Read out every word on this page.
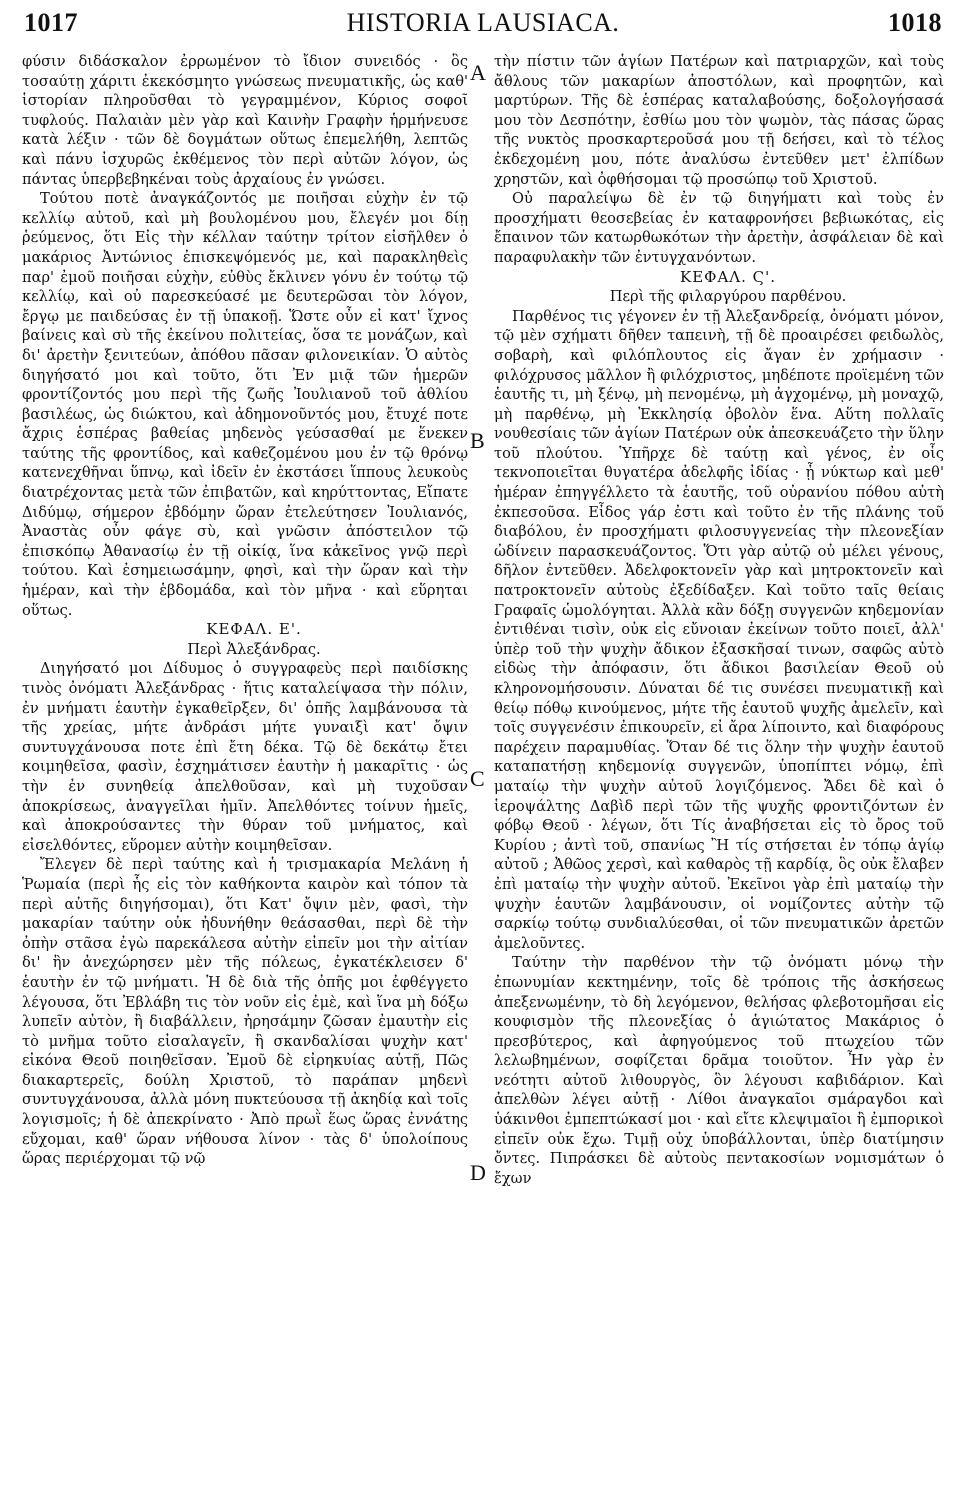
1017	HISTORIA LAUSIACA.	1018
A
B
C
D

φύσιν διδάσκαλον ἐρρωμένον τὸ ἴδιον συνειδός · ὃς τοσαύτῃ χάριτι ἐκεκόσμητο γνώσεως πνευματικῆς, ὡς καθ' ἱστορίαν πληροῦσθαι τὸ γεγραμμένον, Κύριος σοφοῖ τυφλούς. Παλαιὰν μὲν γὰρ καὶ Καινὴν Γραφὴν ἡρμήνευσε κατὰ λέξιν · τῶν δὲ δογμάτων οὕτως ἐπεμελήθη, λεπτῶς καὶ πάνυ ἰσχυρῶς ἐκθέμενος τὸν περὶ αὐτῶν λόγον, ὡς πάντας ὑπερβεβηκέναι τοὺς ἀρχαίους ἐν γνώσει.

Τούτου ποτὲ ἀναγκάζοντός με ποιῆσαι εὐχὴν ἐν τῷ κελλίῳ αὐτοῦ, καὶ μὴ βουλομένου μου, ἔλεγέν μοι δίῃ ῥεύμενος, ὅτι Εἰς τὴν κέλλαν ταύτην τρίτον εἰσῆλθεν ὁ μακάριος Ἀντώνιος ἐπισκεψόμενός με, καὶ παρακληθεὶς παρ' ἐμοῦ ποιῆσαι εὐχὴν, εὐθὺς ἔκλινεν γόνυ ἐν τούτῳ τῷ κελλίῳ, καὶ οὐ παρεσκεύασέ με δευτερῶσαι τὸν λόγον, ἔργῳ με παιδεύσας ἐν τῇ ὑπακοῇ. Ὥστε οὖν εἰ κατ' ἴχνος βαίνεις καὶ σὺ τῆς ἐκείνου πολιτείας, ὅσα τε μονάζων, καὶ δι' ἀρετὴν ξενιτεύων, ἀπόθου πᾶσαν φιλονεικίαν. Ὁ αὐτὸς διηγήσατό μοι καὶ τοῦτο, ὅτι Ἐν μιᾷ τῶν ἡμερῶν φροντίζοντός μου περὶ τῆς ζωῆς Ἰουλιανοῦ τοῦ ἀθλίου βασιλέως, ὡς διώκτου, καὶ ἀδημονοῦντός μου, ἔτυχέ ποτε ἄχρις ἑσπέρας βαθείας μηδενὸς γεύσασθαί με ἕνεκεν ταύτης τῆς φροντίδος, καὶ καθεζομένου μου ἐν τῷ θρόνῳ κατενεχθῆναι ὕπνῳ, καὶ ἰδεῖν ἐν ἐκστάσει ἵππους λευκοὺς διατρέχοντας μετὰ τῶν ἐπιβατῶν, καὶ κηρύττοντας, Εἴπατε Διδύμῳ, σήμερον ἑβδόμην ὥραν ἐτελεύτησεν Ἰουλιανός, Ἀναστὰς οὖν φάγε σὺ, καὶ γνῶσιν ἀπόστειλον τῷ ἐπισκόπῳ Ἀθανασίῳ ἐν τῇ οἰκίᾳ, ἵνα κἀκεῖνος γνῷ περὶ τούτου. Καὶ ἐσημειωσάμην, φησὶ, καὶ τὴν ὥραν καὶ τὴν ἡμέραν, καὶ τὴν ἑβδομάδα, καὶ τὸν μῆνα · καὶ εὕρηται οὕτως.

ΚΕΦΑΛ. Ε'.

Περὶ Ἀλεξάνδρας.

Διηγήσατό μοι Δίδυμος ὁ συγγραφεὺς περὶ παιδίσκης τινὸς ὀνόματι Ἀλεξάνδρας · ἥτις καταλείψασα τὴν πόλιν, ἐν μνήματι ἑαυτὴν ἐγκαθεῖρξεν, δι' ὀπῆς λαμβάνουσα τὰ τῆς χρείας, μήτε ἀνδράσι μήτε γυναιξὶ κατ' ὄψιν συντυγχάνουσα ποτε ἐπὶ ἔτη δέκα. Τῷ δὲ δεκάτῳ ἔτει κοιμηθεῖσα, φασὶν, ἐσχημάτισεν ἑαυτὴν ἡ μακαρῖτις · ὡς τὴν ἐν συνηθείᾳ ἀπελθοῦσαν, καὶ μὴ τυχοῦσαν ἀποκρίσεως, ἀναγγεῖλαι ἡμῖν. Ἀπελθόντες τοίνυν ἡμεῖς, καὶ ἀποκρούσαντες τὴν θύραν τοῦ μνήματος, καὶ εἰσελθόντες, εὕρομεν αὐτὴν κοιμηθεῖσαν.

Ἔλεγεν δὲ περὶ ταύτης καὶ ἡ τρισμακαρία Μελάνη ἡ Ῥωμαία (περὶ ἧς εἰς τὸν καθήκοντα καιρὸν καὶ τόπον τὰ περὶ αὐτῆς διηγήσομαι), ὅτι Κατ' ὄψιν μὲν, φασὶ, τὴν μακαρίαν ταύτην οὐκ ἠδυνήθην θεάσασθαι, περὶ δὲ τὴν ὀπὴν στᾶσα ἐγὼ παρεκάλεσα αὐτὴν εἰπεῖν μοι τὴν αἰτίαν δι' ἣν ἀνεχώρησεν μὲν τῆς πόλεως, ἐγκατέκλεισεν δ' ἑαυτὴν ἐν τῷ μνήματι. Ἡ δὲ διὰ τῆς ὀπῆς μοι ἐφθέγγετο λέγουσα, ὅτι Ἐβλάβη τις τὸν νοῦν εἰς ἐμὲ, καὶ ἵνα μὴ δόξω λυπεῖν αὐτὸν, ἢ διαβάλλειν, ἠρησάμην ζῶσαν ἐμαυτὴν εἰς τὸ μνῆμα τοῦτο εἰσαλαγεῖν, ἢ σκανδαλίσαι ψυχὴν κατ' εἰκόνα Θεοῦ ποιηθεῖσαν. Ἐμοῦ δὲ εἰρηκυίας αὐτῇ, Πῶς διακαρτερεῖς, δούλη Χριστοῦ, τὸ παράπαν μηδενὶ συντυγχάνουσα, ἀλλὰ μόνη πυκτεύουσα τῇ ἀκηδίᾳ καὶ τοῖς λογισμοῖς; ἡ δὲ ἀπεκρίνατο · Ἀπὸ πρωῒ ἕως ὥρας ἐννάτης εὔχομαι, καθ' ὥραν νήθουσα λίνον · τὰς δ' ὑπολοίπους ὥρας περιέρχομαι τῷ νῷ

τὴν πίστιν τῶν ἁγίων Πατέρων καὶ πατριαρχῶν, καὶ τοὺς ἄθλους τῶν μακαρίων ἀποστόλων, καὶ προφητῶν, καὶ μαρτύρων. Τῆς δὲ ἑσπέρας καταλαβούσης, δοξολογήσασά μου τὸν Δεσπότην, ἐσθίω μου τὸν ψωμὸν, τὰς πάσας ὥρας τῆς νυκτὸς προσκαρτεροῦσά μου τῇ δεήσει, καὶ τὸ τέλος ἐκδεχομένη μου, πότε ἀναλύσω ἐντεῦθεν μετ' ἐλπίδων χρηστῶν, καὶ ὀφθήσομαι τῷ προσώπῳ τοῦ Χριστοῦ.

Οὐ παραλείψω δὲ ἐν τῷ διηγήματι καὶ τοὺς ἐν προσχήματι θεοσεβείας ἐν καταφρονήσει βεβιωκότας, εἰς ἔπαινον τῶν κατωρθωκότων τὴν ἀρετὴν, ἀσφάλειαν δὲ καὶ παραφυλακὴν τῶν ἐντυγχανόντων.

ΚΕΦΑΛ. Ϛ'.

Περὶ τῆς φιλαργύρου παρθένου.

Παρθένος τις γέγονεν ἐν τῇ Ἀλεξανδρείᾳ, ὀνόματι μόνον, τῷ μὲν σχήματι δῆθεν ταπεινὴ, τῇ δὲ προαιρέσει φειδωλὸς, σοβαρὴ, καὶ φιλόπλουτος εἰς ἄγαν ἐν χρήμασιν · φιλόχρυσος μᾶλλον ἢ φιλόχριστος, μηδέποτε προϊεμένη τῶν ἑαυτῆς τι, μὴ ξένῳ, μὴ πενομένῳ, μὴ ἀγχομένῳ, μὴ μοναχῷ, μὴ παρθένῳ, μὴ Ἐκκλησίᾳ ὀβολὸν ἕνα. Αὕτη πολλαῖς νουθεσίαις τῶν ἁγίων Πατέρων οὐκ ἀπεσκευάζετο τὴν ὕλην τοῦ πλούτου. Ὑπῆρχε δὲ ταύτῃ καὶ γένος, ἐν οἷς τεκνοποιεῖται θυγατέρα ἀδελφῆς ἰδίας · ᾗ νύκτωρ καὶ μεθ' ἡμέραν ἐπηγγέλλετο τὰ ἑαυτῆς, τοῦ οὐρανίου πόθου αὐτὴ ἐκπεσοῦσα. Εἶδος γάρ ἐστι καὶ τοῦτο ἐν τῆς πλάνης τοῦ διαβόλου, ἐν προσχήματι φιλοσυγγενείας τὴν πλεονεξίαν ὠδίνειν παρασκευάζοντος. Ὅτι γὰρ αὐτῷ οὐ μέλει γένους, δῆλον ἐντεῦθεν. Ἀδελφοκτονεῖν γὰρ καὶ μητροκτονεῖν καὶ πατροκτονεῖν αὐτοὺς ἐξεδίδαξεν. Καὶ τοῦτο ταῖς θείαις Γραφαῖς ὡμολόγηται. Ἀλλὰ κἂν δόξῃ συγγενῶν κηδεμονίαν ἐντιθέναι τισὶν, οὐκ εἰς εὔνοιαν ἐκείνων τοῦτο ποιεῖ, ἀλλ' ὑπὲρ τοῦ τὴν ψυχὴν ἄδικον ἐξασκῆσαί τινων, σαφῶς αὐτὸ εἰδὼς τὴν ἀπόφασιν, ὅτι ἄδικοι βασιλείαν Θεοῦ οὐ κληρονομήσουσιν. Δύναται δέ τις συνέσει πνευματικῇ καὶ θείῳ πόθῳ κινούμενος, μήτε τῆς ἑαυτοῦ ψυχῆς ἀμελεῖν, καὶ τοῖς συγγενέσιν ἐπικουρεῖν, εἰ ἄρα λίποιντο, καὶ διαφόρους παρέχειν παραμυθίας. Ὅταν δέ τις ὅλην τὴν ψυχὴν ἑαυτοῦ καταπατήσῃ κηδεμονίᾳ συγγενῶν, ὑποπίπτει νόμῳ, ἐπὶ ματαίῳ τὴν ψυχὴν αὐτοῦ λογιζόμενος. Ἄδει δὲ καὶ ὁ ἱεροψάλτης Δαβὶδ περὶ τῶν τῆς ψυχῆς φροντιζόντων ἐν φόβῳ Θεοῦ · λέγων, ὅτι Τίς ἀναβήσεται εἰς τὸ ὄρος τοῦ Κυρίου ; ἀντὶ τοῦ, σπανίως Ἢ τίς στήσεται ἐν τόπῳ ἁγίῳ αὐτοῦ ; Ἀθῶος χερσὶ, καὶ καθαρὸς τῇ καρδίᾳ, ὃς οὐκ ἔλαβεν ἐπὶ ματαίῳ τὴν ψυχὴν αὐτοῦ. Ἐκεῖνοι γὰρ ἐπὶ ματαίῳ τὴν ψυχὴν ἑαυτῶν λαμβάνουσιν, οἱ νομίζοντες αὐτὴν τῷ σαρκίῳ τούτῳ συνδιαλύεσθαι, οἱ τῶν πνευματικῶν ἀρετῶν ἀμελοῦντες.

Ταύτην τὴν παρθένον τὴν τῷ ὀνόματι μόνῳ τὴν ἐπωνυμίαν κεκτημένην, τοῖς δὲ τρόποις τῆς ἀσκήσεως ἀπεξενωμένην, τὸ δὴ λεγόμενον, θελήσας φλεβοτομῆσαι εἰς κουφισμὸν τῆς πλεονεξίας ὁ ἁγιώτατος Μακάριος ὁ πρεσβύτερος, καὶ ἀφηγούμενος τοῦ πτωχείου τῶν λελωβημένων, σοφίζεται δρᾶμα τοιοῦτον. Ἦν γὰρ ἐν νεότητι αὐτοῦ λιθουργὸς, ὃν λέγουσι καβιδάριον. Καὶ ἀπελθὼν λέγει αὐτῇ · Λίθοι ἀναγκαῖοι σμάραγδοι καὶ ὑάκινθοι ἐμπεπτώκασί μοι · καὶ εἴτε κλεψιμαῖοι ἢ ἐμπορικοὶ εἰπεῖν οὐκ ἔχω. Τιμῇ οὐχ ὑποβάλλονται, ὑπὲρ διατίμησιν ὄντες. Πιπράσκει δὲ αὐτοὺς πεντακοσίων νομισμάτων ὁ ἔχων
